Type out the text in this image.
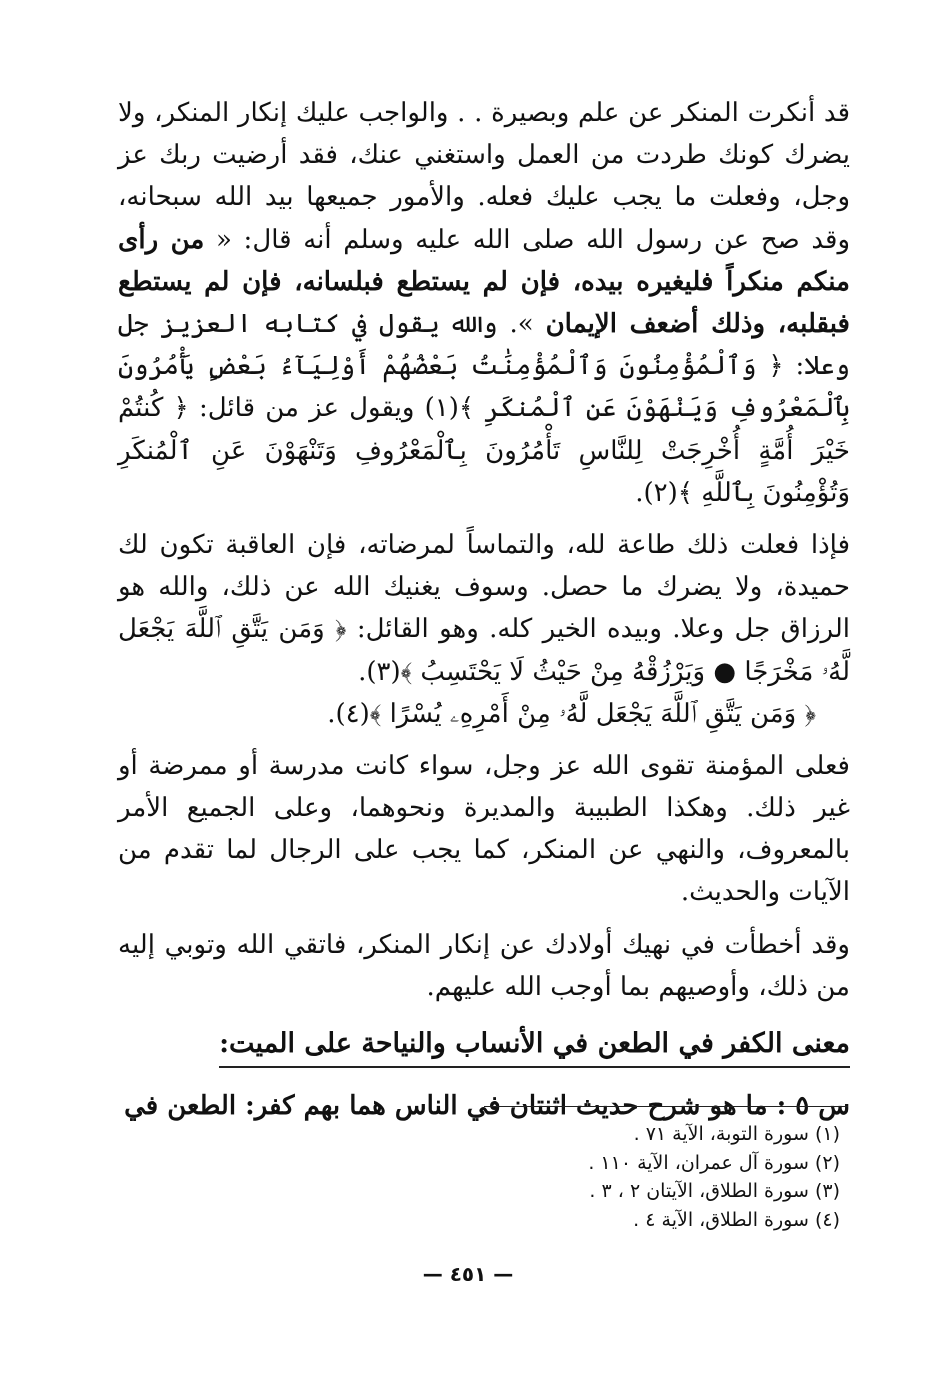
قد أنكرت المنكر عن علم وبصيرة . . والواجب عليك إنكار المنكر، ولا يضرك كونك طردت من العمل واستغني عنك، فقد أرضيت ربك عز وجل، وفعلت ما يجب عليك فعله. والأمور جميعها بيد الله سبحانه، وقد صح عن رسول الله صلى الله عليه وسلم أنه قال: « من رأى منكم منكراً فليغيره بيده، فإن لم يستطع فبلسانه، فإن لم يستطع فبقلبه، وذلك أضعف الإيمان ». والله يقول في كتابه العزيز جل وعلا: ﴿ وَٱلْمُؤْمِنُونَ وَٱلْمُؤْمِنَٰتُ بَعْضُهُمْ أَوْلِيَآءُ بَعْضٍ يَأْمُرُونَ بِٱلْمَعْرُوفِ وَيَنْهَوْنَ عَنِ ٱلْمُنكَرِ ﴾(١) ويقول عز من قائل: ﴿ كُنتُمْ خَيْرَ أُمَّةٍ أُخْرِجَتْ لِلنَّاسِ تَأْمُرُونَ بِٱلْمَعْرُوفِ وَتَنْهَوْنَ عَنِ ٱلْمُنكَرِ وَتُؤْمِنُونَ بِٱللَّهِ ﴾(٢).

فإذا فعلت ذلك طاعة لله، والتماساً لمرضاته، فإن العاقبة تكون لك حميدة، ولا يضرك ما حصل. وسوف يغنيك الله عن ذلك، والله هو الرزاق جل وعلا. وبيده الخير كله. وهو القائل: ﴿ وَمَن يَتَّقِ ٱللَّهَ يَجْعَل لَّهُۥ مَخْرَجًا ● وَيَرْزُقْهُ مِنْ حَيْثُ لَا يَحْتَسِبُ ﴾(٣).

﴿ وَمَن يَتَّقِ ٱللَّهَ يَجْعَل لَّهُۥ مِنْ أَمْرِهِۦ يُسْرًا ﴾(٤).

فعلى المؤمنة تقوى الله عز وجل، سواء كانت مدرسة أو ممرضة أو غير ذلك. وهكذا الطبيبة والمديرة ونحوهما، وعلى الجميع الأمر بالمعروف، والنهي عن المنكر، كما يجب على الرجال لما تقدم من الآيات والحديث.

وقد أخطأت في نهيك أولادك عن إنكار المنكر، فاتقي الله وتوبي إليه من ذلك، وأوصيهم بما أوجب الله عليهم.

معنى الكفر في الطعن في الأنساب والنياحة على الميت:

س ٥ : ما هو شرح حديث اثنتان في الناس هما بهم كفر: الطعن في

(١) سورة التوبة، الآية ٧١ .

(٢) سورة آل عمران، الآية ١١٠ .

(٣) سورة الطلاق، الآيتان ٢ ، ٣ .

(٤) سورة الطلاق، الآية ٤ .

— ٤٥١ —
